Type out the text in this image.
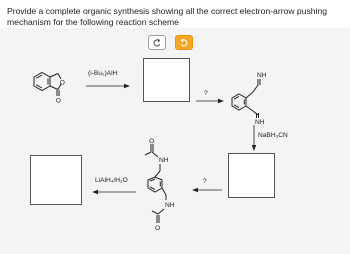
Provide a complete organic synthesis showing all the correct electron-arrow pushing mechanism for the following reaction scheme

O
O
(i-Bu₂)AlH
?
NH
NH
NaBH₃CN
?
O
NH
NH
O
LiAlH₄/H₂O
